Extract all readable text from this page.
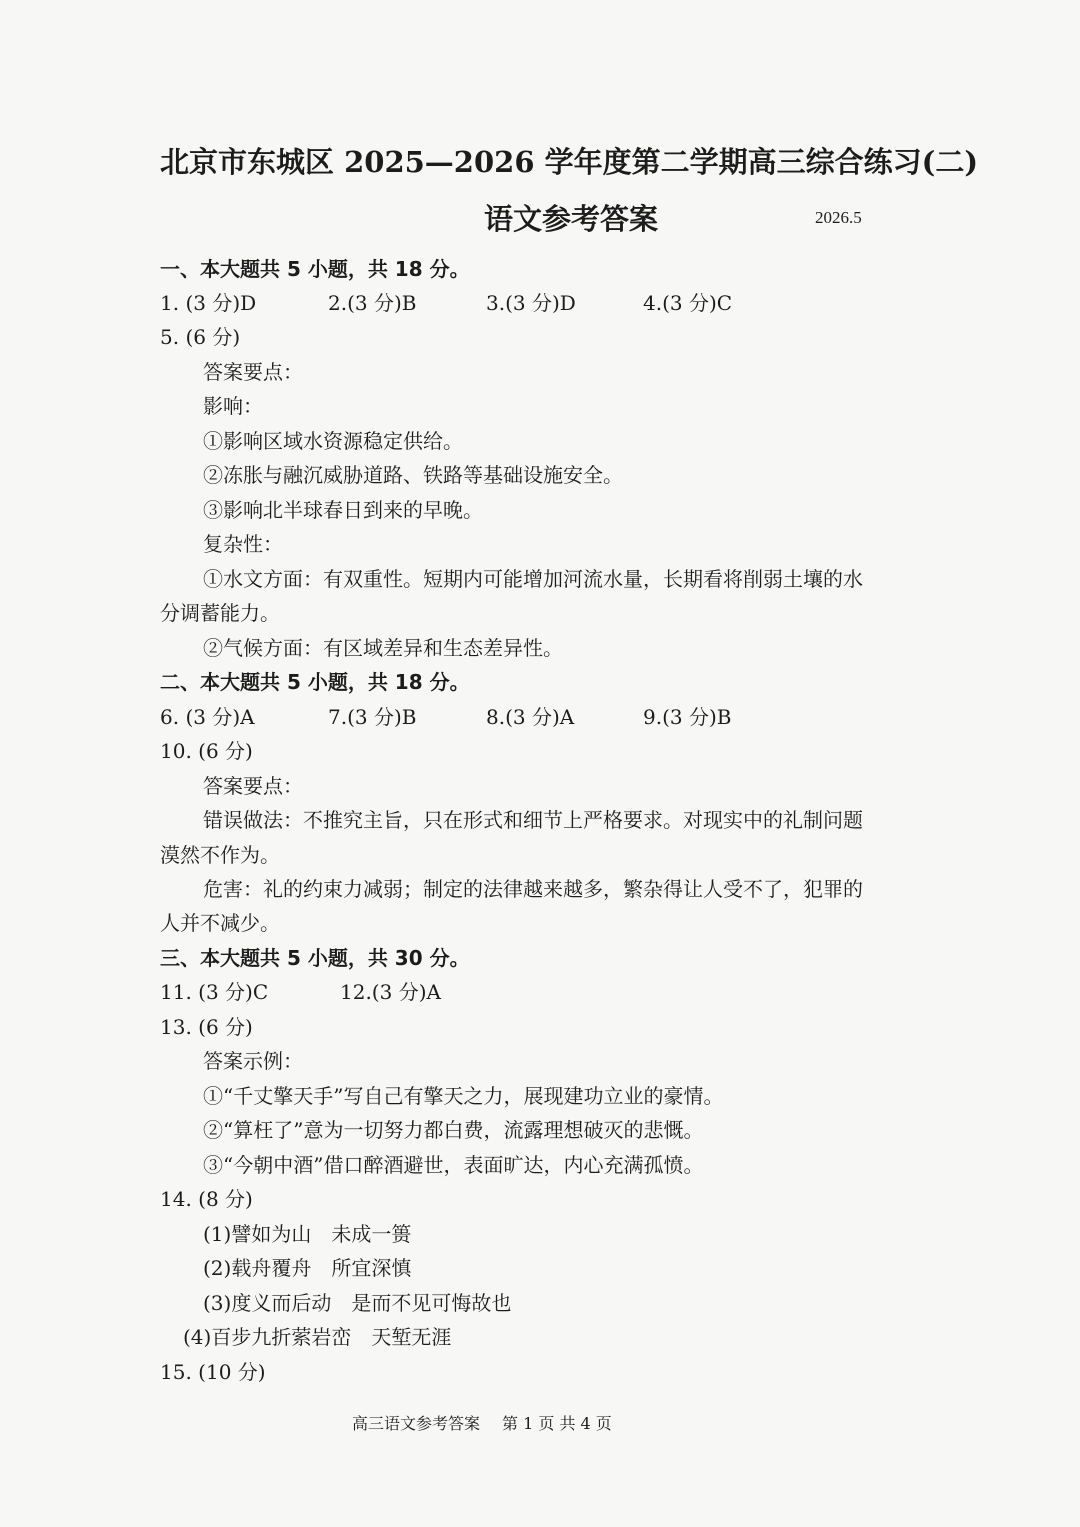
北京市东城区 2025—2026 学年度第二学期高三综合练习(二)
语文参考答案	2026.5
一、本大题共 5 小题，共 18 分。
1. (3 分)D	2.(3 分)B	3.(3 分)D	4.(3 分)C
5. (6 分)
答案要点：
影响：
①影响区域水资源稳定供给。
②冻胀与融沉威胁道路、铁路等基础设施安全。
③影响北半球春日到来的早晚。
复杂性：
①水文方面：有双重性。短期内可能增加河流水量，长期看将削弱土壤的水
分调蓄能力。
②气候方面：有区域差异和生态差异性。
二、本大题共 5 小题，共 18 分。
6. (3 分)A	7.(3 分)B	8.(3 分)A	9.(3 分)B
10. (6 分)
答案要点：
错误做法：不推究主旨，只在形式和细节上严格要求。对现实中的礼制问题
漠然不作为。
危害：礼的约束力减弱；制定的法律越来越多，繁杂得让人受不了，犯罪的
人并不减少。
三、本大题共 5 小题，共 30 分。
11. (3 分)C	12.(3 分)A
13. (6 分)
答案示例：
①“千丈擎天手”写自己有擎天之力，展现建功立业的豪情。
②“算枉了”意为一切努力都白费，流露理想破灭的悲慨。
③“今朝中酒”借口醉酒避世，表面旷达，内心充满孤愤。
14. (8 分)
(1)譬如为山　未成一篑
(2)载舟覆舟　所宜深慎
(3)度义而后动　是而不见可悔故也
(4)百步九折萦岩峦　天堑无涯
15. (10 分)
高三语文参考答案 第 1 页 共 4 页
